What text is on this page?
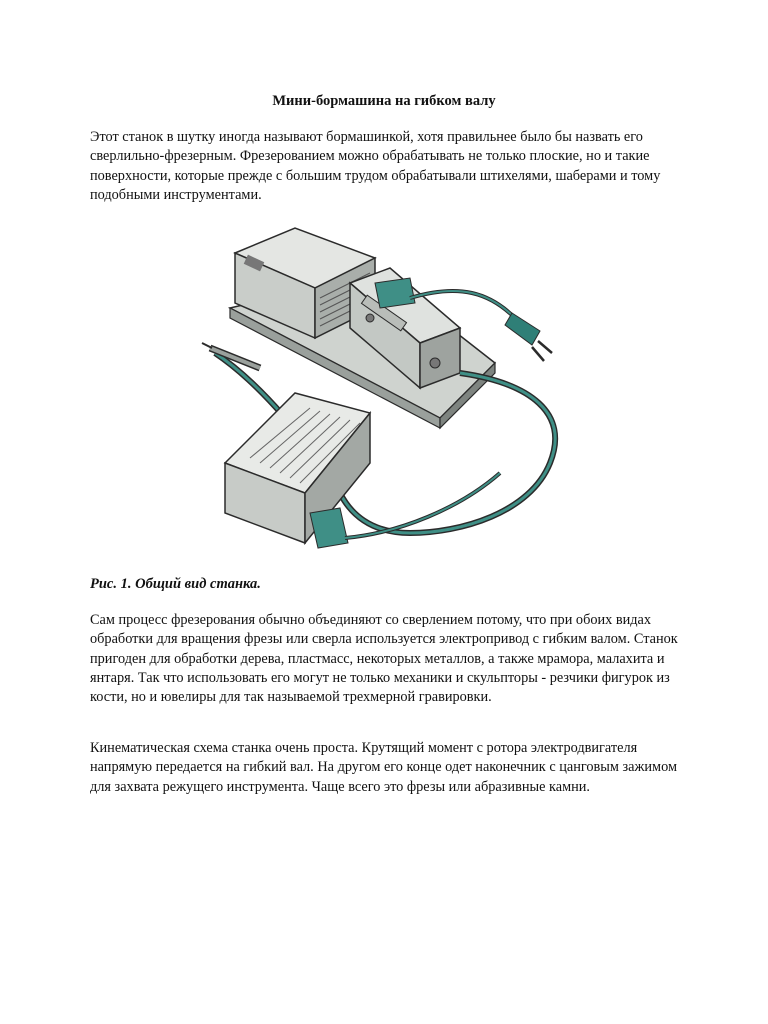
Мини-бормашина на гибком валу

Этот станок в шутку иногда называют бормашинкой, хотя правильнее было бы назвать его сверлильно-фрезерным. Фрезерованием можно обрабатывать не только плоские, но и такие поверхности, которые прежде с большим трудом обрабатывали штихелями, шаберами и тому подобными инструментами.

Рис. 1. Общий вид станка.

Сам процесс фрезерования обычно объединяют со сверлением потому, что при обоих видах обработки для вращения фрезы или сверла используется электропривод с гибким валом. Станок пригоден для обработки дерева, пластмасс, некоторых металлов, а также мрамора, малахита и янтаря. Так что использовать его могут не только механики и скульпторы - резчики фигурок из кости, но и ювелиры для так называемой трехмерной гравировки.

Кинематическая схема станка очень проста. Крутящий момент с ротора электродвигателя напрямую передается на гибкий вал. На другом его конце одет наконечник с цанговым зажимом для захвата режущего инструмента. Чаще всего это фрезы или абразивные камни.
